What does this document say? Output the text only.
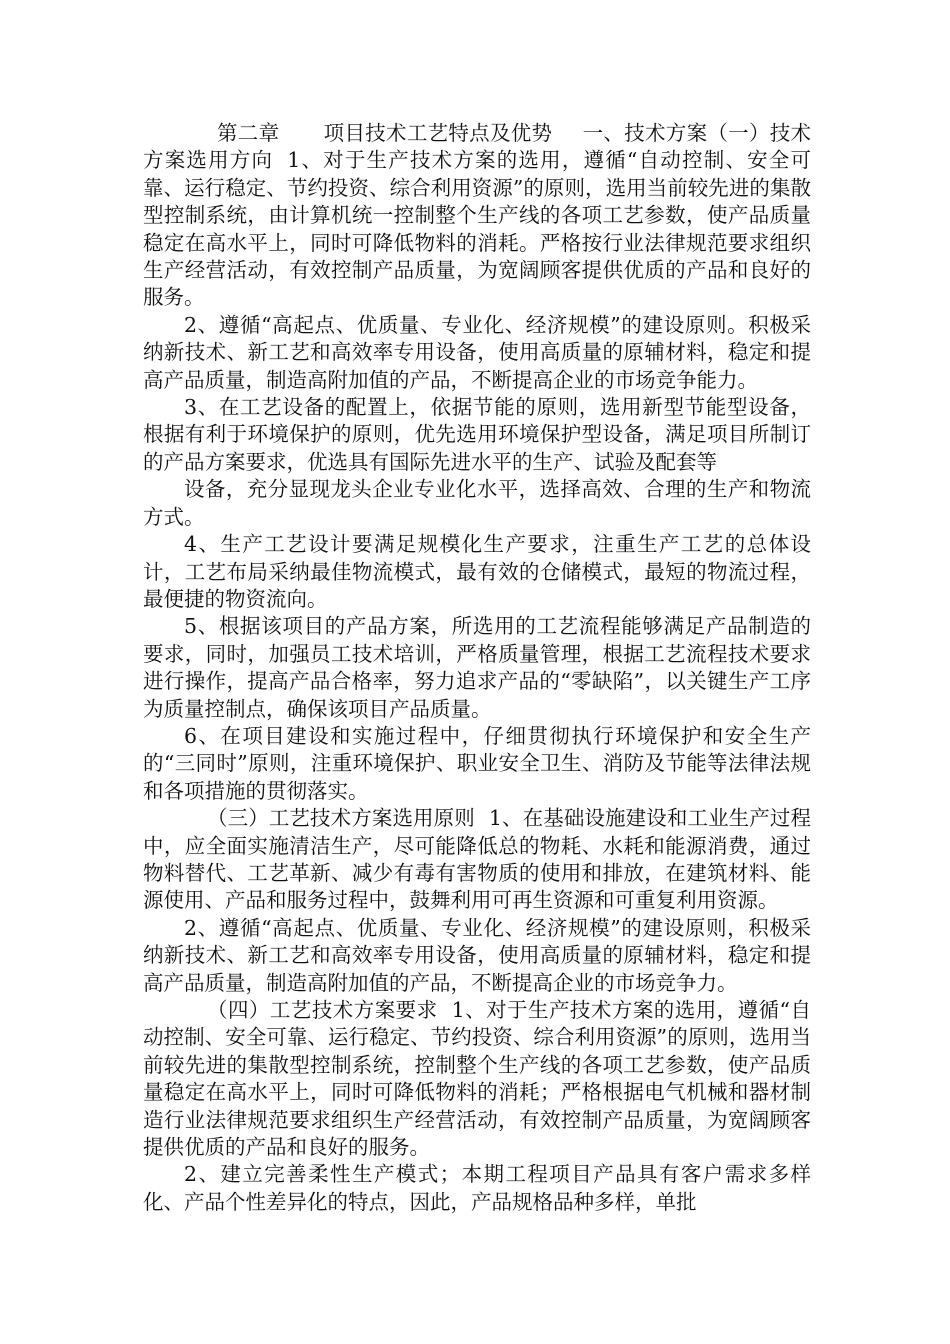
第二章 项目技术工艺特点及优势 一、技术方案（一）技术方案选用方向 1、对于生产技术方案的选用，遵循“自动控制、安全可靠、运行稳定、节约投资、综合利用资源”的原则，选用当前较先进的集散型控制系统，由计算机统一控制整个生产线的各项工艺参数，使产品质量稳定在高水平上，同时可降低物料的消耗。严格按行业法律规范要求组织生产经营活动，有效控制产品质量，为宽阔顾客提供优质的产品和良好的服务。

2、遵循“高起点、优质量、专业化、经济规模”的建设原则。积极采纳新技术、新工艺和高效率专用设备，使用高质量的原辅材料，稳定和提高产品质量，制造高附加值的产品，不断提高企业的市场竞争能力。

3、在工艺设备的配置上，依据节能的原则，选用新型节能型设备，根据有利于环境保护的原则，优先选用环境保护型设备，满足项目所制订的产品方案要求，优选具有国际先进水平的生产、试验及配套等

设备，充分显现龙头企业专业化水平，选择高效、合理的生产和物流方式。

4、生产工艺设计要满足规模化生产要求，注重生产工艺的总体设计，工艺布局采纳最佳物流模式，最有效的仓储模式，最短的物流过程，最便捷的物资流向。

5、根据该项目的产品方案，所选用的工艺流程能够满足产品制造的要求，同时，加强员工技术培训，严格质量管理，根据工艺流程技术要求进行操作，提高产品合格率，努力追求产品的“零缺陷”，以关键生产工序为质量控制点，确保该项目产品质量。

6、在项目建设和实施过程中，仔细贯彻执行环境保护和安全生产的“三同时”原则，注重环境保护、职业安全卫生、消防及节能等法律法规和各项措施的贯彻落实。

（三）工艺技术方案选用原则 1、在基础设施建设和工业生产过程中，应全面实施清洁生产，尽可能降低总的物耗、水耗和能源消费，通过物料替代、工艺革新、减少有毒有害物质的使用和排放，在建筑材料、能源使用、产品和服务过程中，鼓舞利用可再生资源和可重复利用资源。

2、遵循“高起点、优质量、专业化、经济规模”的建设原则，积极采纳新技术、新工艺和高效率专用设备，使用高质量的原辅材料，稳定和提高产品质量，制造高附加值的产品，不断提高企业的市场竞争力。

（四）工艺技术方案要求 1、对于生产技术方案的选用，遵循“自动控制、安全可靠、运行稳定、节约投资、综合利用资源”的原则，选用当前较先进的集散型控制系统，控制整个生产线的各项工艺参数，使产品质量稳定在高水平上，同时可降低物料的消耗；严格根据电气机械和器材制造行业法律规范要求组织生产经营活动，有效控制产品质量，为宽阔顾客提供优质的产品和良好的服务。

2、建立完善柔性生产模式；本期工程项目产品具有客户需求多样化、产品个性差异化的特点，因此，产品规格品种多样，单批
